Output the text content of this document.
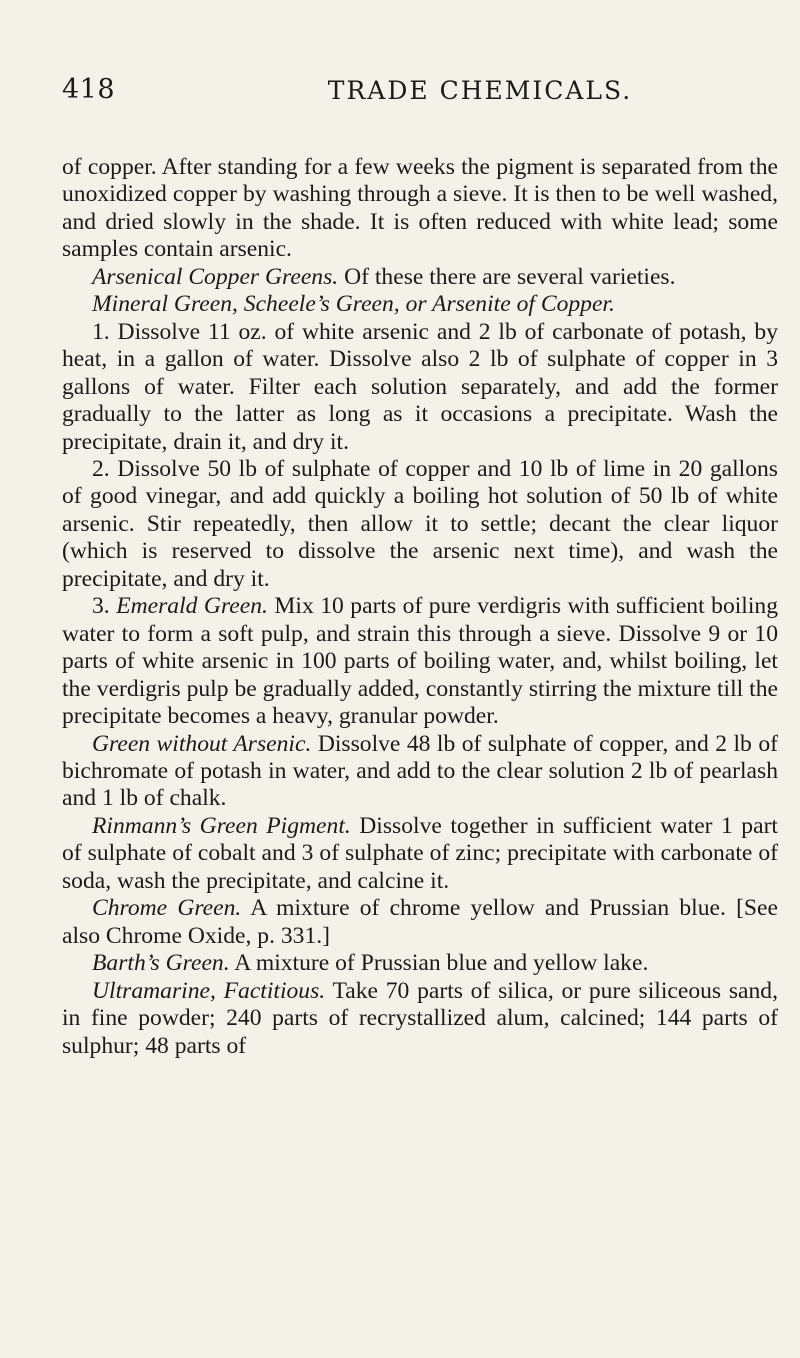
418	TRADE CHEMICALS.

of copper. After standing for a few weeks the pigment is separated from the unoxidized copper by washing through a sieve. It is then to be well washed, and dried slowly in the shade. It is often reduced with white lead; some samples contain arsenic.

Arsenical Copper Greens. Of these there are several varieties.

Mineral Green, Scheele’s Green, or Arsenite of Copper.

1. Dissolve 11 oz. of white arsenic and 2 lb of carbonate of potash, by heat, in a gallon of water. Dissolve also 2 lb of sulphate of copper in 3 gallons of water. Filter each solution separately, and add the former gradually to the latter as long as it occasions a precipitate. Wash the precipitate, drain it, and dry it.

2. Dissolve 50 lb of sulphate of copper and 10 lb of lime in 20 gallons of good vinegar, and add quickly a boiling hot solution of 50 lb of white arsenic. Stir repeatedly, then allow it to settle; decant the clear liquor (which is reserved to dissolve the arsenic next time), and wash the precipitate, and dry it.

3. Emerald Green. Mix 10 parts of pure verdigris with sufficient boiling water to form a soft pulp, and strain this through a sieve. Dissolve 9 or 10 parts of white arsenic in 100 parts of boiling water, and, whilst boiling, let the verdigris pulp be gradually added, constantly stirring the mixture till the precipitate becomes a heavy, granular powder.

Green without Arsenic. Dissolve 48 lb of sulphate of copper, and 2 lb of bichromate of potash in water, and add to the clear solution 2 lb of pearlash and 1 lb of chalk.

Rinmann’s Green Pigment. Dissolve together in sufficient water 1 part of sulphate of cobalt and 3 of sulphate of zinc; precipitate with carbonate of soda, wash the precipitate, and calcine it.

Chrome Green. A mixture of chrome yellow and Prussian blue. [See also Chrome Oxide, p. 331.]

Barth’s Green. A mixture of Prussian blue and yellow lake.

Ultramarine, Factitious. Take 70 parts of silica, or pure siliceous sand, in fine powder; 240 parts of recrystallized alum, calcined; 144 parts of sulphur; 48 parts of
